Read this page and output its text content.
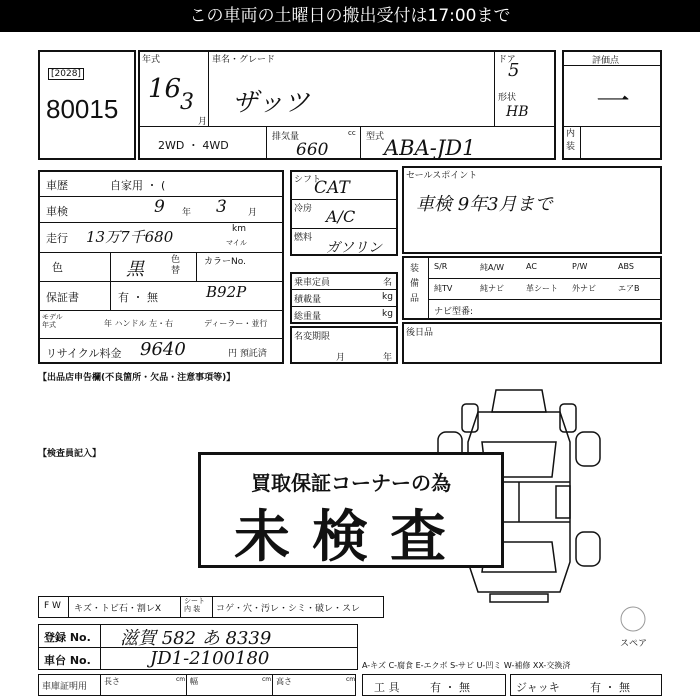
この車両の土曜日の搬出受付は17:00まで
[2028]
80015
年式
16
3
月
車名・グレード
ザッツ
ドア
5
形状
HB
2WD ・ 4WD
排気量	cc
660
型式 ABA-JD1
評価点
一
内装
車歴	自家用 ・ (
車検	9 年 3 月
走行 13万7千680	km
マイル
色	黒	色替
カラーNo.
保証書	有 ・ 無	B92P
モデル年式	年 ハンドル 左・右	ディーラー・並行
リサイクル料金 9640	円 預託済
シフト
CAT
冷房 A/C
燃料
ガソリン
乗車定員	名
積載量	kg
総重量	kg
名変期限
月	年
セールスポイント
車検 9年3月まで
装備品
S/R	純A/W	AC	P/W	ABS
純TV	純ナビ	革シート 外ナビ	エアB
ナビ型番:
後日品
【出品店申告欄(不良箇所・欠品・注意事項等)】
【検査員記入】
スペア
買取保証コーナーの為
未検査
F W キズ・トビ石・割レX
シート 内 装	コゲ・穴・汚レ・シミ・破レ・スレ
登録 No. 滋賀 582 あ 8339
車台 No.	JD1-2100180	A-キズ C-腐食 E-エクボ S-サビ U-凹ミ W-補修 XX-交換済
車庫証明用
長さ	cm 幅	cm 高さ	cm
工 具	有 ・ 無	ジャッキ	有 ・ 無
